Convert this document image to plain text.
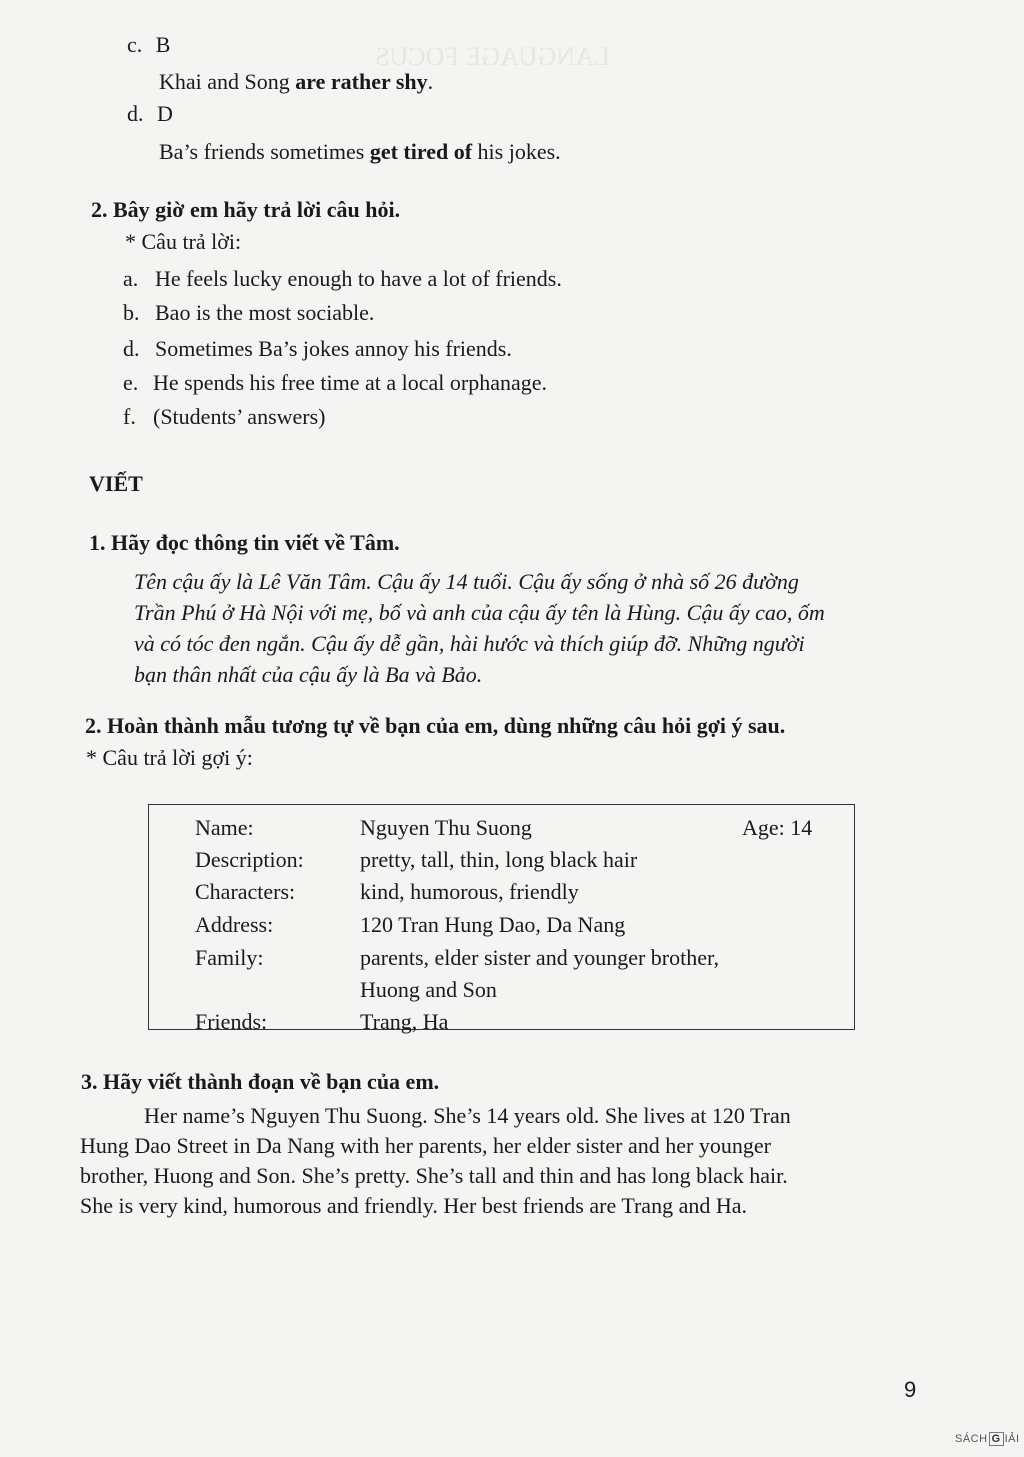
LANGUAGE FOCUS
c. B
Khai and Song are rather shy.
d. D
Ba’s friends sometimes get tired of his jokes.
2. Bây giờ em hãy trả lời câu hỏi.
* Câu trả lời:
a. He feels lucky enough to have a lot of friends.
b. Bao is the most sociable.
d. Sometimes Ba’s jokes annoy his friends.
e. He spends his free time at a local orphanage.
f. (Students’ answers)
VIẾT
1. Hãy đọc thông tin viết về Tâm.
Tên cậu ấy là Lê Văn Tâm. Cậu ấy 14 tuổi. Cậu ấy sống ở nhà số 26 đường
Trần Phú ở Hà Nội với mẹ, bố và anh của cậu ấy tên là Hùng. Cậu ấy cao, ốm
và có tóc đen ngắn. Cậu ấy dễ gần, hài hước và thích giúp đỡ. Những người
bạn thân nhất của cậu ấy là Ba và Bảo.
2. Hoàn thành mẫu tương tự về bạn của em, dùng những câu hỏi gợi ý sau.
* Câu trả lời gợi ý:
Name:	Nguyen Thu Suong	Age: 14
Description:	pretty, tall, thin, long black hair
Characters:	kind, humorous, friendly
Address:	120 Tran Hung Dao, Da Nang
Family:	parents, elder sister and younger brother,
Huong and Son
Friends:	Trang, Ha
3. Hãy viết thành đoạn về bạn của em.
Her name’s Nguyen Thu Suong. She’s 14 years old. She lives at 120 Tran
Hung Dao Street in Da Nang with her parents, her elder sister and her younger
brother, Huong and Son. She’s pretty. She’s tall and thin and has long black hair.
She is very kind, humorous and friendly. Her best friends are Trang and Ha.
9
SÁCH G IẢI
